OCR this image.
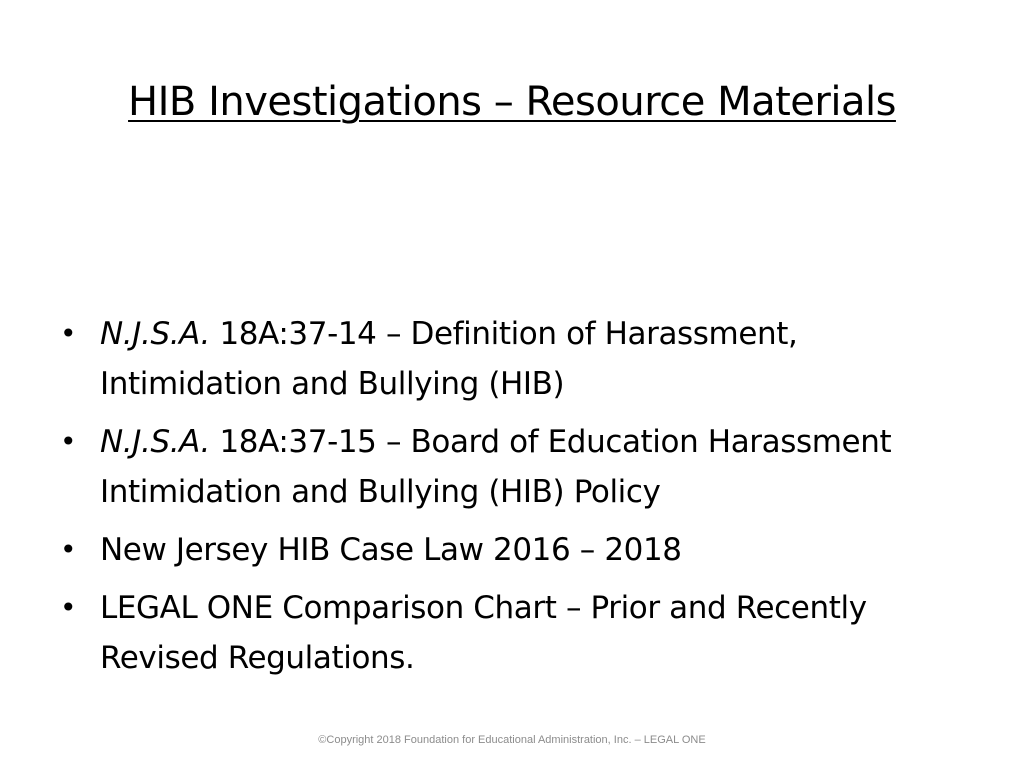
HIB Investigations – Resource Materials
• N.J.S.A. 18A:37-14 – Definition of Harassment, Intimidation and Bullying (HIB)
• N.J.S.A. 18A:37-15 – Board of Education Harassment Intimidation and Bullying (HIB) Policy
• New Jersey HIB Case Law 2016 – 2018
• LEGAL ONE Comparison Chart – Prior and Recently Revised Regulations.
©Copyright 2018 Foundation for Educational Administration, Inc. – LEGAL ONE
